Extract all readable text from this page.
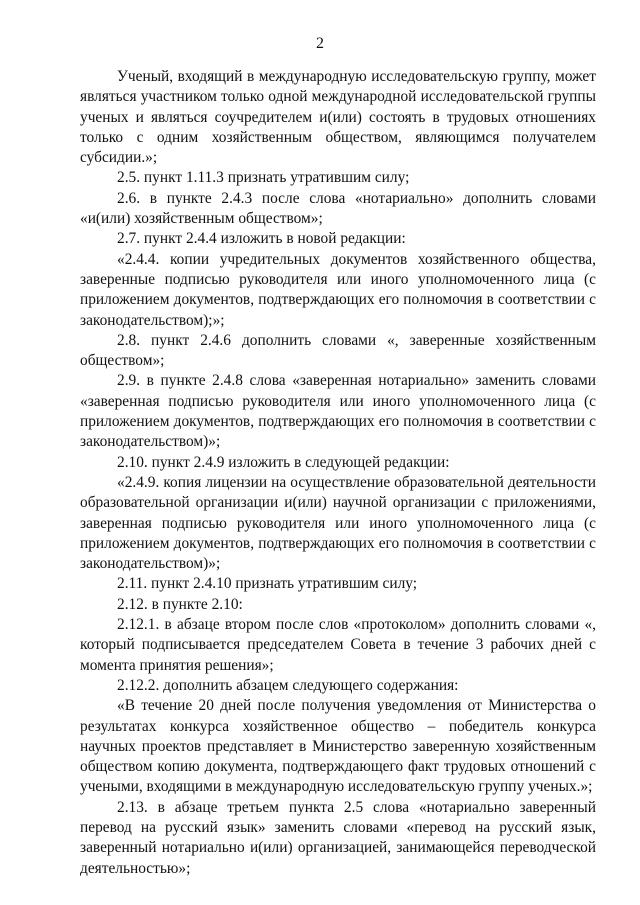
2

Ученый, входящий в международную исследовательскую группу, может являться участником только одной международной исследовательской группы ученых и являться соучредителем и(или) состоять в трудовых отношениях только с одним хозяйственным обществом, являющимся получателем субсидии.»;

2.5. пункт 1.11.3 признать утратившим силу;

2.6. в пункте 2.4.3 после слова «нотариально» дополнить словами «и(или) хозяйственным обществом»;

2.7. пункт 2.4.4 изложить в новой редакции:

«2.4.4. копии учредительных документов хозяйственного общества, заверенные подписью руководителя или иного уполномоченного лица (с приложением документов, подтверждающих его полномочия в соответствии с законодательством);»;

2.8. пункт 2.4.6 дополнить словами «, заверенные хозяйственным обществом»;

2.9. в пункте 2.4.8 слова «заверенная нотариально» заменить словами «заверенная подписью руководителя или иного уполномоченного лица (с приложением документов, подтверждающих его полномочия в соответствии с законодательством)»;

2.10. пункт 2.4.9 изложить в следующей редакции:

«2.4.9. копия лицензии на осуществление образовательной деятельности образовательной организации и(или) научной организации с приложениями, заверенная подписью руководителя или иного уполномоченного лица (с приложением документов, подтверждающих его полномочия в соответствии с законодательством)»;

2.11. пункт 2.4.10 признать утратившим силу;

2.12. в пункте 2.10:

2.12.1. в абзаце втором после слов «протоколом» дополнить словами «, который подписывается председателем Совета в течение 3 рабочих дней с момента принятия решения»;

2.12.2. дополнить абзацем следующего содержания:

«В течение 20 дней после получения уведомления от Министерства о результатах конкурса хозяйственное общество – победитель конкурса научных проектов представляет в Министерство заверенную хозяйственным обществом копию документа, подтверждающего факт трудовых отношений с учеными, входящими в международную исследовательскую группу ученых.»;

2.13. в абзаце третьем пункта 2.5 слова «нотариально заверенный перевод на русский язык» заменить словами «перевод на русский язык, заверенный нотариально и(или) организацией, занимающейся переводческой деятельностью»;
